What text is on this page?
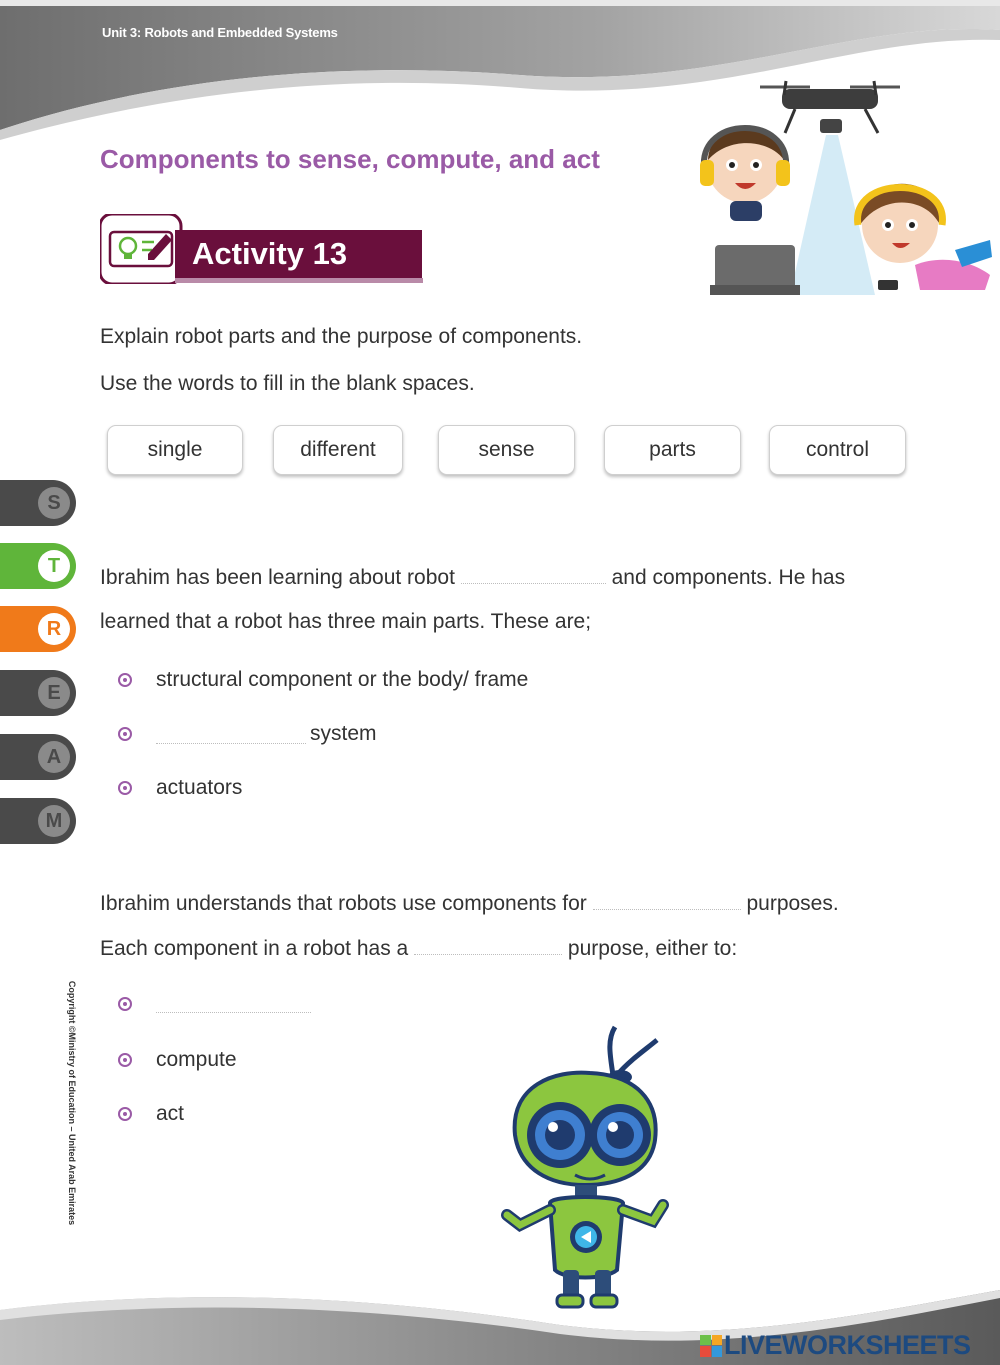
Unit 3: Robots and Embedded Systems
Components to sense, compute, and act
Activity 13
Explain robot parts and the purpose of components.
Use the words to fill in the blank spaces.
single	different	sense	parts	control
S
T
R
E
A
M
Ibrahim has been learning about robot	and components. He has
learned that a robot has three main parts. These are;
structural component or the body/ frame
system
actuators
Ibrahim understands that robots use components for	purposes.
Each component in a robot has a	purpose, either to:
compute
act
Copyright ©Ministry of Education – United Arab Emirates
LIVEWORKSHEETS
